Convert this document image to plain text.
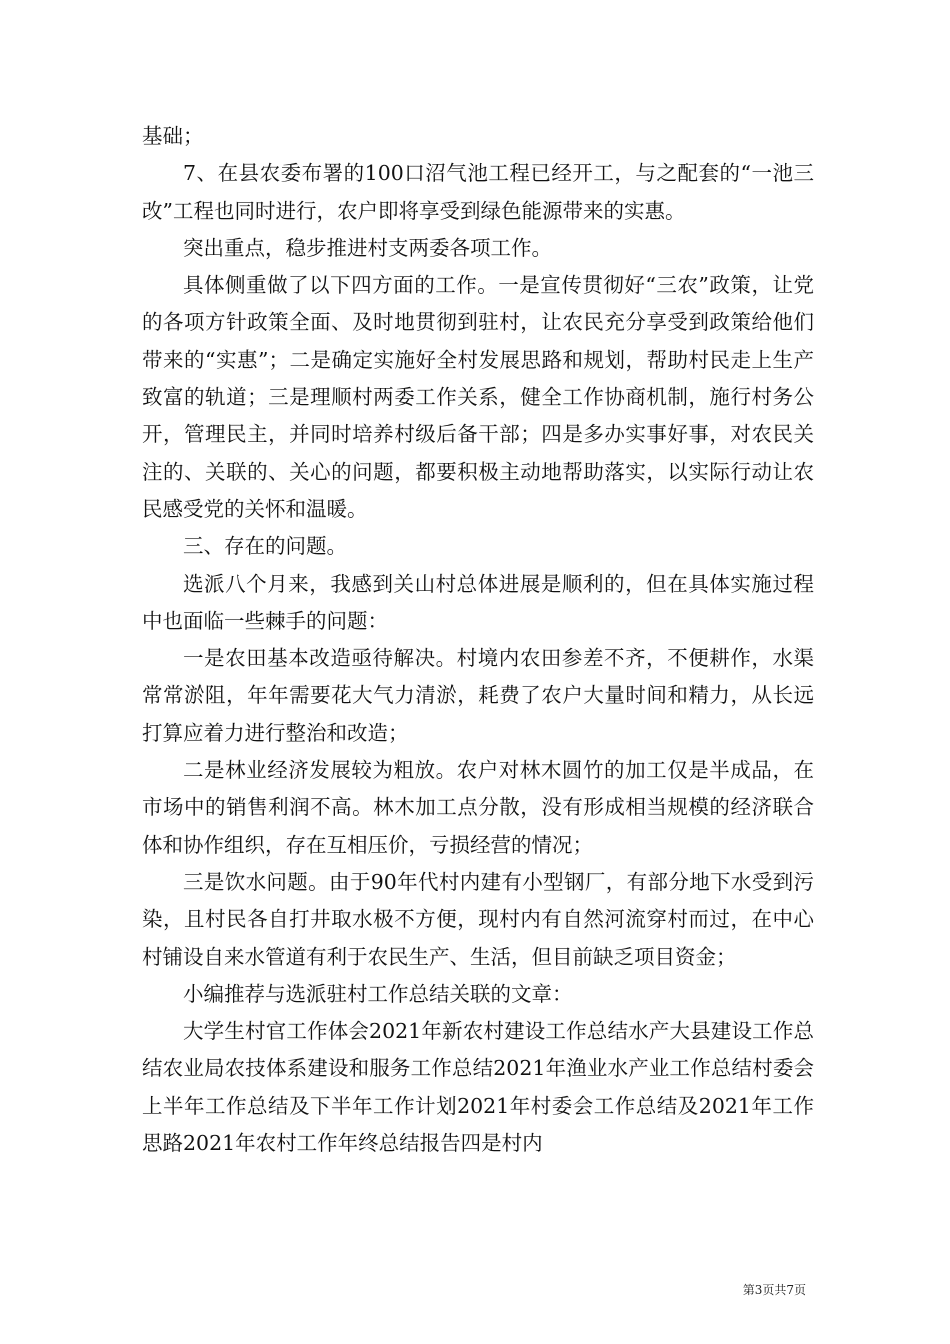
基础；

7、在县农委布署的100口沼气池工程已经开工，与之配套的“一池三改”工程也同时进行，农户即将享受到绿色能源带来的实惠。

突出重点，稳步推进村支两委各项工作。

具体侧重做了以下四方面的工作。一是宣传贯彻好“三农”政策，让党的各项方针政策全面、及时地贯彻到驻村，让农民充分享受到政策给他们带来的“实惠”；二是确定实施好全村发展思路和规划，帮助村民走上生产致富的轨道；三是理顺村两委工作关系，健全工作协商机制，施行村务公开，管理民主，并同时培养村级后备干部；四是多办实事好事，对农民关注的、关联的、关心的问题，都要积极主动地帮助落实，以实际行动让农民感受党的关怀和温暖。

三、存在的问题。

选派八个月来，我感到关山村总体进展是顺利的，但在具体实施过程中也面临一些棘手的问题：

一是农田基本改造亟待解决。村境内农田参差不齐，不便耕作，水渠常常淤阻，年年需要花大气力清淤，耗费了农户大量时间和精力，从长远打算应着力进行整治和改造；

二是林业经济发展较为粗放。农户对林木圆竹的加工仅是半成品，在市场中的销售利润不高。林木加工点分散，没有形成相当规模的经济联合体和协作组织，存在互相压价，亏损经营的情况；

三是饮水问题。由于90年代村内建有小型钢厂，有部分地下水受到污染，且村民各自打井取水极不方便，现村内有自然河流穿村而过，在中心村铺设自来水管道有利于农民生产、生活，但目前缺乏项目资金；

小编推荐与选派驻村工作总结关联的文章：

大学生村官工作体会2021年新农村建设工作总结水产大县建设工作总结农业局农技体系建设和服务工作总结2021年渔业水产业工作总结村委会上半年工作总结及下半年工作计划2021年村委会工作总结及2021年工作思路2021年农村工作年终总结报告四是村内

第3页共7页
